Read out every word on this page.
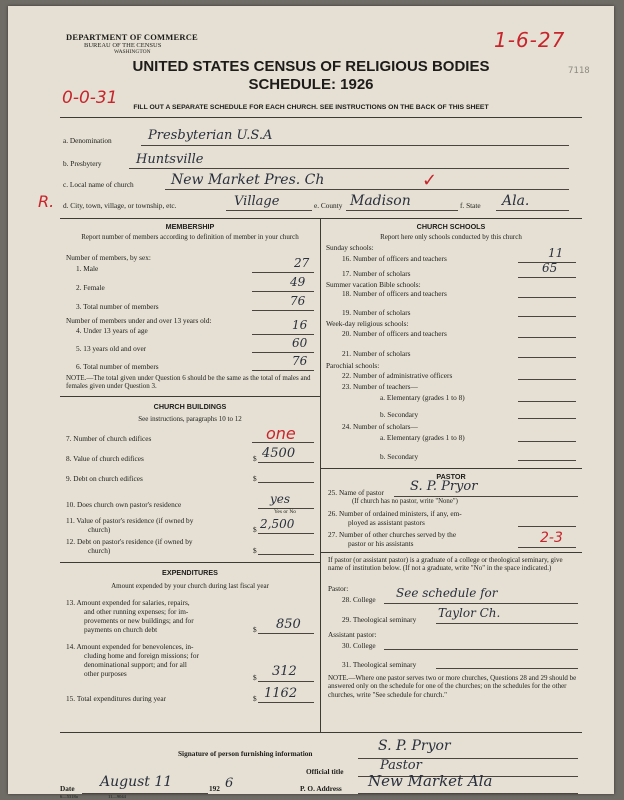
DEPARTMENT OF COMMERCE
BUREAU OF THE CENSUS
WASHINGTON	1-6-27
7118
UNITED STATES CENSUS OF RELIGIOUS BODIES
SCHEDULE: 1926
0-0-31	FILL OUT A SEPARATE SCHEDULE FOR EACH CHURCH. SEE INSTRUCTIONS ON THE BACK OF THIS SHEET
a. Denomination	Presbyterian U.S.A
b. Presbytery	Huntsville
c. Local name of church	New Market Pres. Ch	✓
R. d. City, town, village, or township, etc.	Village	e. County Madison	f. State Ala.
MEMBERSHIP
Report number of members according to definition of member in your church
Number of members, by sex:
1. Male	27
2. Female	49
3. Total number of members	76
Number of members under and over 13 years old:
4. Under 13 years of age	16
5. 13 years old and over	60
6. Total number of members	76
NOTE.—The total given under Question 6 should be the same as the total of males and females given under Question 3.
CHURCH BUILDINGS
See instructions, paragraphs 10 to 12
7. Number of church edifices	one
8. Value of church edifices	$ 4500
9. Debt on church edifices	$
10. Does church own pastor's residence	yes
Yes or No
11. Value of pastor's residence (if owned by
church)	$ 2,500
12. Debt on pastor's residence (if owned by
church)	$
EXPENDITURES
Amount expended by your church during last fiscal year
13. Amount expended for salaries, repairs,
and other running expenses; for im-
provements or new buildings; and for
payments on church debt	$ 850
14. Amount expended for benevolences, in-
cluding home and foreign missions; for
denominational support; and for all
other purposes	$ 312
15. Total expenditures during year	$ 1162
CHURCH SCHOOLS
Report here only schools conducted by this church
Sunday schools:
16. Number of officers and teachers	11
17. Number of scholars	65
Summer vacation Bible schools:
18. Number of officers and teachers
19. Number of scholars
Week-day religious schools:
20. Number of officers and teachers
21. Number of scholars
Parochial schools:
22. Number of administrative officers
23. Number of teachers—
a. Elementary (grades 1 to 8)
b. Secondary
24. Number of scholars—
a. Elementary (grades 1 to 8)
b. Secondary
PASTOR
25. Name of pastor S. P. Pryor
(If church has no pastor, write "None")
26. Number of ordained ministers, if any, em-
ployed as assistant pastors
27. Number of other churches served by the
pastor or his assistants	2-3
If pastor (or assistant pastor) is a graduate of a college or theological seminary, give name of institution below. (If not a graduate, write "No" in the space indicated.)
Pastor:
28. College See schedule for
29. Theological seminary Taylor Ch.
Assistant pastor:
30. College
31. Theological seminary
NOTE.—Where one pastor serves two or more churches, Questions 28 and 29 should be answered only on the schedule for one of the churches; on the schedules for the other churches, write "See schedule for church."
Signature of person furnishing information	S. P. Pryor
Official title	Pastor
Date August 11	192 6
6—5318a	11—9044
P. O. Address New Market Ala
